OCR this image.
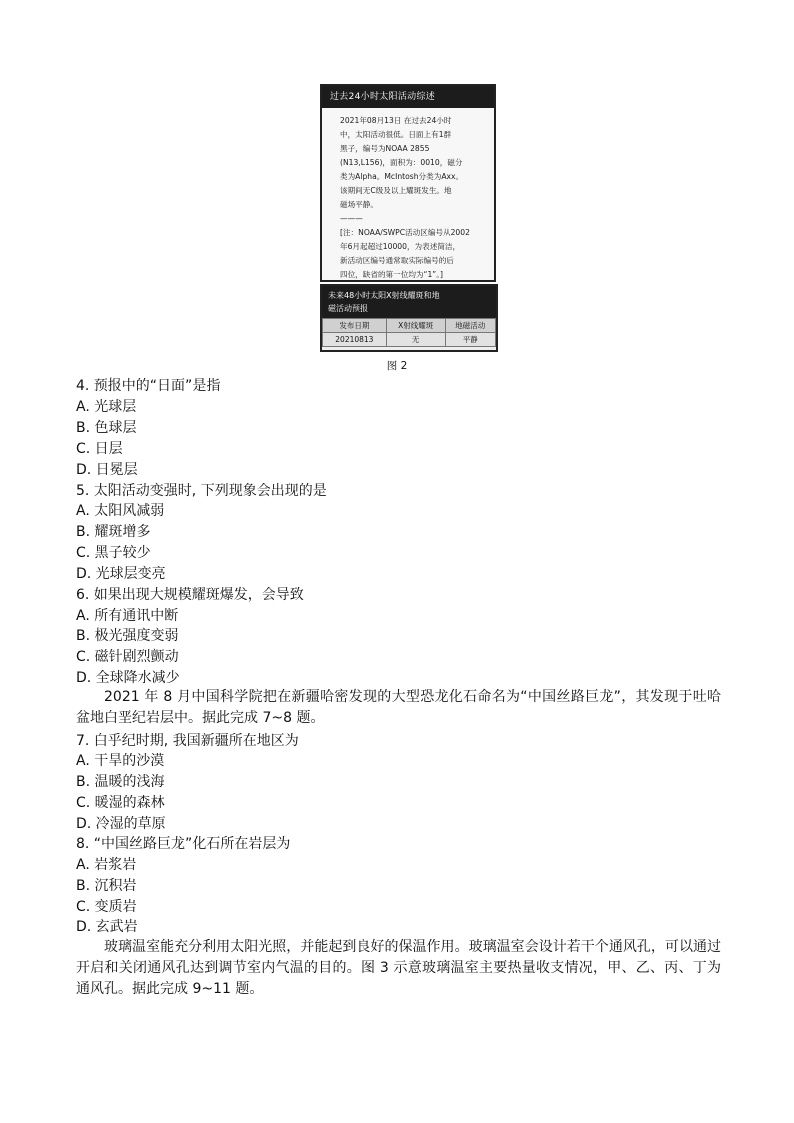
过去24小时太阳活动综述

2021年08月13日 在过去24小时
中，太阳活动很低。日面上有1群
黑子，编号为NOAA 2855
(N13,L156)，面积为：0010，磁分
类为Alpha。McIntosh分类为Axx。
该期间无C级及以上耀斑发生。地
磁场平静。
———

[注：NOAA/SWPC活动区编号从2002
年6月起超过10000，为表述简洁，
新活动区编号通常取实际编号的后
四位，缺省的第一位均为“1”。]

未来48小时太阳X射线耀斑和地
磁活动预报
发布日期	X射线耀斑	地磁活动
20210813	无	平静
图 2

4. 预报中的“日面”是指

A. 光球层

B. 色球层

C. 日层

D. 日冕层

5. 太阳活动变强时, 下列现象会出现的是

A. 太阳风减弱

B. 耀斑增多

C. 黑子较少

D. 光球层变亮

6. 如果出现大规模耀斑爆发，会导致

A. 所有通讯中断

B. 极光强度变弱

C. 磁针剧烈颤动

D. 全球降水减少

2021 年 8 月中国科学院把在新疆哈密发现的大型恐龙化石命名为“中国丝路巨龙”，其发现于吐哈盆地白垩纪岩层中。据此完成 7~8 题。

7. 白乎纪时期, 我国新疆所在地区为

A. 干旱的沙漠

B. 温暖的浅海

C. 暖湿的森林

D. 冷湿的草原

8. “中国丝路巨龙”化石所在岩层为

A. 岩浆岩

B. 沉积岩

C. 变质岩

D. 玄武岩

玻璃温室能充分利用太阳光照，并能起到良好的保温作用。玻璃温室会设计若干个通风孔，可以通过开启和关闭通风孔达到调节室内气温的目的。图 3 示意玻璃温室主要热量收支情况，甲、乙、丙、丁为通风孔。据此完成 9~11 题。
